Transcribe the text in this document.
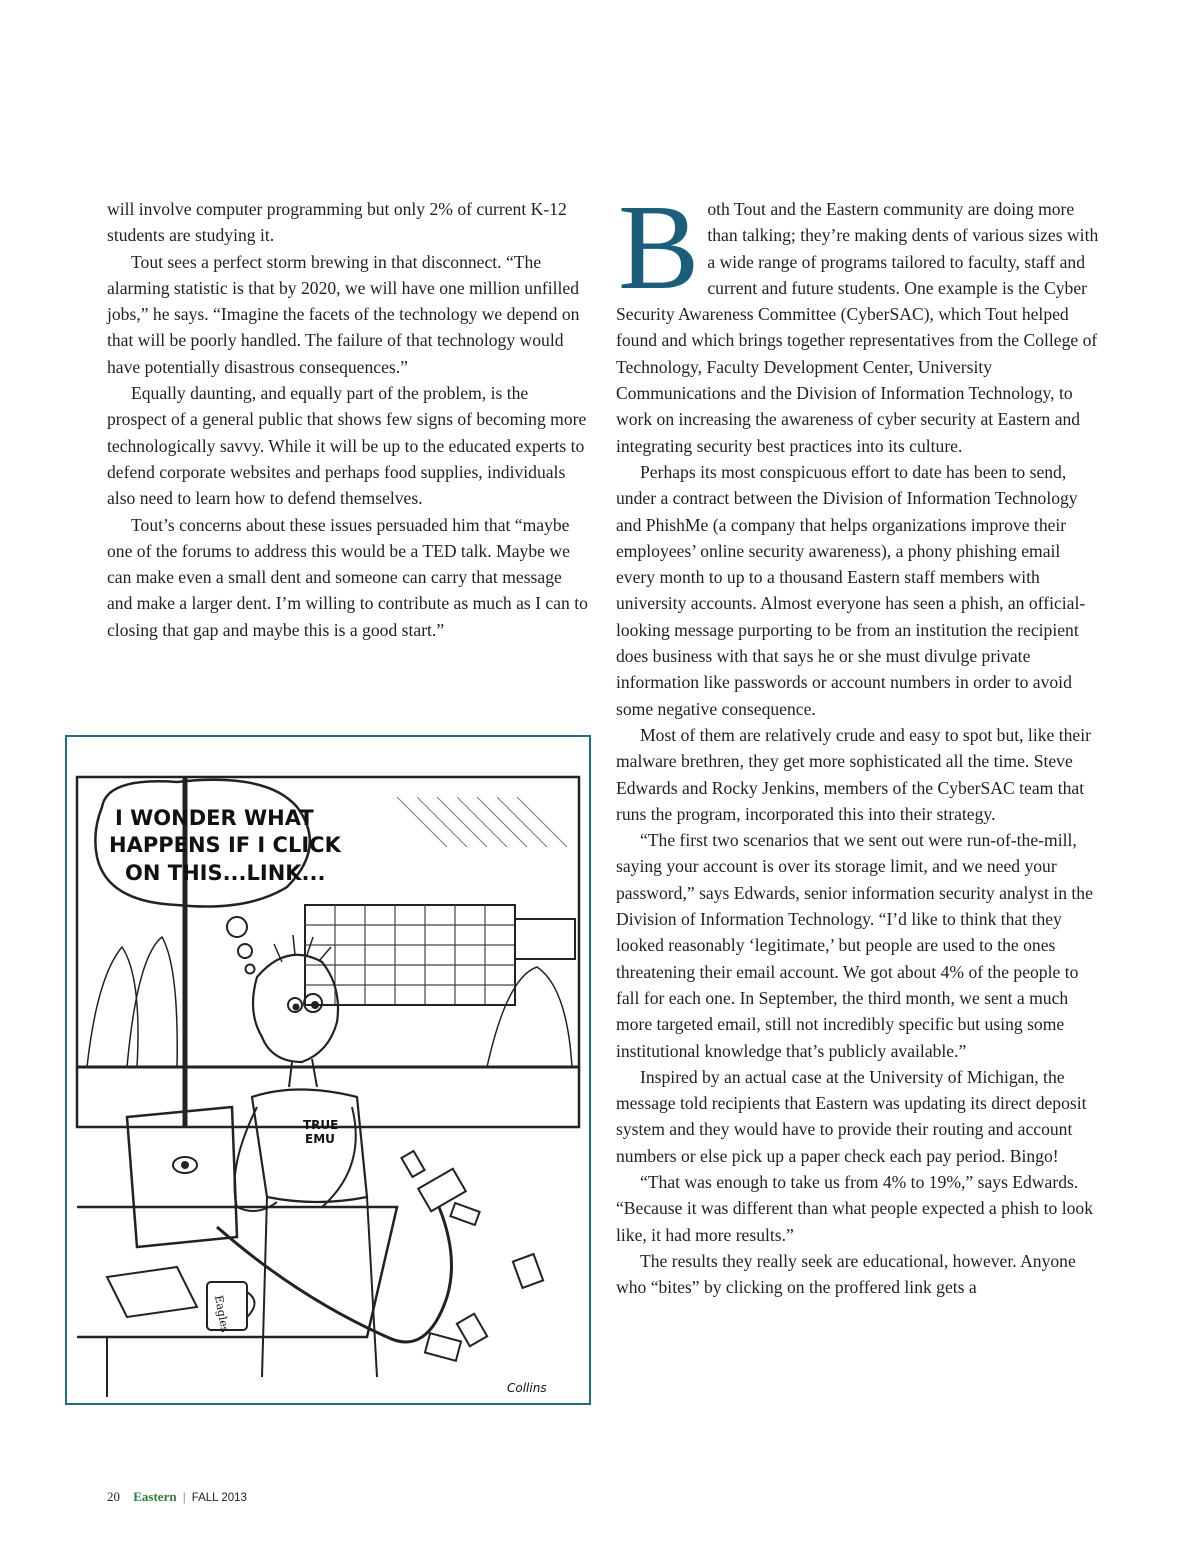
will involve computer programming but only 2% of current K-12 students are studying it.

Tout sees a perfect storm brewing in that disconnect. “The alarming statistic is that by 2020, we will have one million unfilled jobs,” he says. “Imagine the facets of the technology we depend on that will be poorly handled. The failure of that technology would have potentially disastrous consequences.”

Equally daunting, and equally part of the problem, is the prospect of a general public that shows few signs of becoming more technologically savvy. While it will be up to the educated experts to defend corporate websites and perhaps food supplies, individuals also need to learn how to defend themselves.

Tout’s concerns about these issues persuaded him that “maybe one of the forums to address this would be a TED talk. Maybe we can make even a small dent and someone can carry that message and make a larger dent. I’m willing to contribute as much as I can to closing that gap and maybe this is a good start.”

Both Tout and the Eastern community are doing more than talking; they’re making dents of various sizes with a wide range of programs tailored to faculty, staff and current and future students. One example is the Cyber Security Awareness Committee (CyberSAC), which Tout helped found and which brings together representatives from the College of Technology, Faculty Development Center, University Communications and the Division of Information Technology, to work on increasing the awareness of cyber security at Eastern and integrating security best practices into its culture.

Perhaps its most conspicuous effort to date has been to send, under a contract between the Division of Information Technology and PhishMe (a company that helps organizations improve their employees’ online security awareness), a phony phishing email every month to up to a thousand Eastern staff members with university accounts. Almost everyone has seen a phish, an official-looking message purporting to be from an institution the recipient does business with that says he or she must divulge private information like passwords or account numbers in order to avoid some negative consequence.

Most of them are relatively crude and easy to spot but, like their malware brethren, they get more sophisticated all the time. Steve Edwards and Rocky Jenkins, members of the CyberSAC team that runs the program, incorporated this into their strategy.

“The first two scenarios that we sent out were run-of-the-mill, saying your account is over its storage limit, and we need your password,” says Edwards, senior information security analyst in the Division of Information Technology. “I’d like to think that they looked reasonably ‘legitimate,’ but people are used to the ones threatening their email account. We got about 4% of the people to fall for each one. In September, the third month, we sent a much more targeted email, still not incredibly specific but using some institutional knowledge that’s publicly available.”

Inspired by an actual case at the University of Michigan, the message told recipients that Eastern was updating its direct deposit system and they would have to provide their routing and account numbers or else pick up a paper check each pay period. Bingo!

“That was enough to take us from 4% to 19%,” says Edwards. “Because it was different than what people expected a phish to look like, it had more results.”

The results they really seek are educational, however. Anyone who “bites” by clicking on the proffered link gets a

I WONDER WHAT
HAPPENS IF I CLICK
ON THIS...LINK...
TRUE
EMU
Eagles
Col⁠lins
20 Eastern | FALL 2013
